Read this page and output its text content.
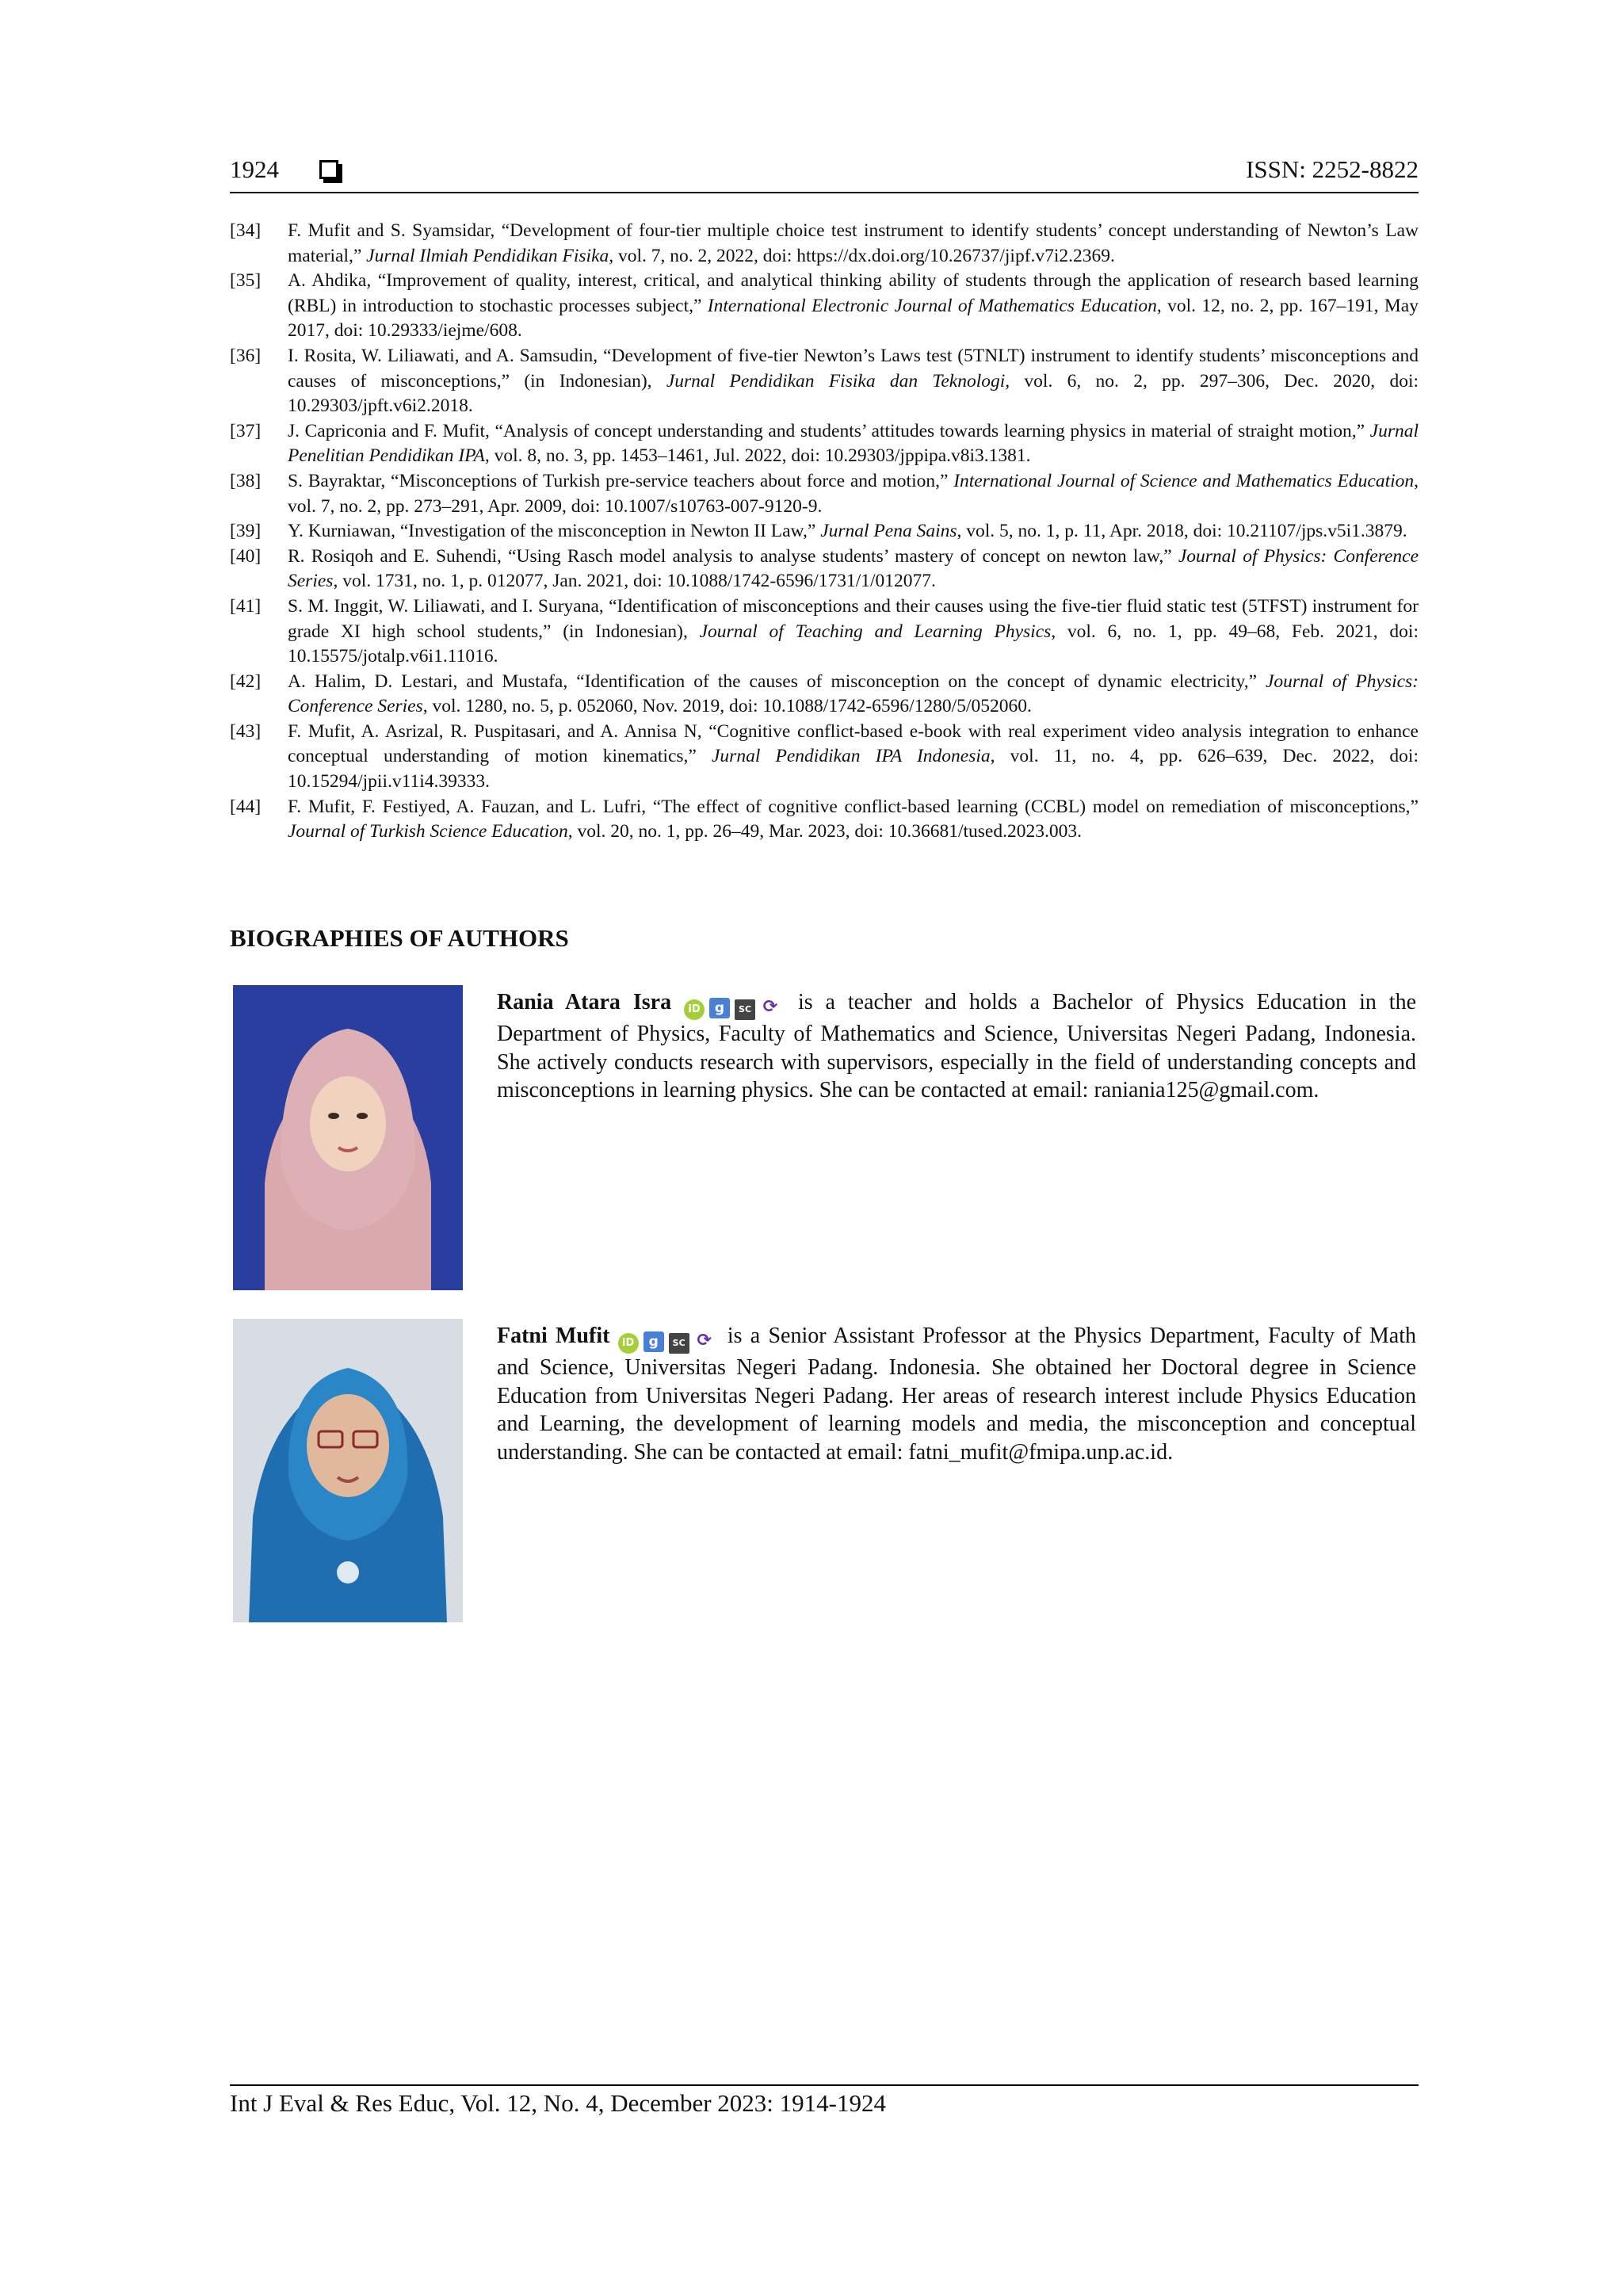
1924	ISSN: 2252-8822
[34]	F. Mufit and S. Syamsidar, “Development of four-tier multiple choice test instrument to identify students’ concept understanding of Newton’s Law material,” Jurnal Ilmiah Pendidikan Fisika, vol. 7, no. 2, 2022, doi: https://dx.doi.org/10.26737/jipf.v7i2.2369.
[35]	A. Ahdika, “Improvement of quality, interest, critical, and analytical thinking ability of students through the application of research based learning (RBL) in introduction to stochastic processes subject,” International Electronic Journal of Mathematics Education, vol. 12, no. 2, pp. 167–191, May 2017, doi: 10.29333/iejme/608.
[36]	I. Rosita, W. Liliawati, and A. Samsudin, “Development of five-tier Newton’s Laws test (5TNLT) instrument to identify students’ misconceptions and causes of misconceptions,” (in Indonesian), Jurnal Pendidikan Fisika dan Teknologi, vol. 6, no. 2, pp. 297–306, Dec. 2020, doi: 10.29303/jpft.v6i2.2018.
[37]	J. Capriconia and F. Mufit, “Analysis of concept understanding and students’ attitudes towards learning physics in material of straight motion,” Jurnal Penelitian Pendidikan IPA, vol. 8, no. 3, pp. 1453–1461, Jul. 2022, doi: 10.29303/jppipa.v8i3.1381.
[38]	S. Bayraktar, “Misconceptions of Turkish pre-service teachers about force and motion,” International Journal of Science and Mathematics Education, vol. 7, no. 2, pp. 273–291, Apr. 2009, doi: 10.1007/s10763-007-9120-9.
[39]	Y. Kurniawan, “Investigation of the misconception in Newton II Law,” Jurnal Pena Sains, vol. 5, no. 1, p. 11, Apr. 2018, doi: 10.21107/jps.v5i1.3879.
[40]	R. Rosiqoh and E. Suhendi, “Using Rasch model analysis to analyse students’ mastery of concept on newton law,” Journal of Physics: Conference Series, vol. 1731, no. 1, p. 012077, Jan. 2021, doi: 10.1088/1742-6596/1731/1/012077.
[41]	S. M. Inggit, W. Liliawati, and I. Suryana, “Identification of misconceptions and their causes using the five-tier fluid static test (5TFST) instrument for grade XI high school students,” (in Indonesian), Journal of Teaching and Learning Physics, vol. 6, no. 1, pp. 49–68, Feb. 2021, doi: 10.15575/jotalp.v6i1.11016.
[42]	A. Halim, D. Lestari, and Mustafa, “Identification of the causes of misconception on the concept of dynamic electricity,” Journal of Physics: Conference Series, vol. 1280, no. 5, p. 052060, Nov. 2019, doi: 10.1088/1742-6596/1280/5/052060.
[43]	F. Mufit, A. Asrizal, R. Puspitasari, and A. Annisa N, “Cognitive conflict-based e-book with real experiment video analysis integration to enhance conceptual understanding of motion kinematics,” Jurnal Pendidikan IPA Indonesia, vol. 11, no. 4, pp. 626–639, Dec. 2022, doi: 10.15294/jpii.v11i4.39333.
[44]	F. Mufit, F. Festiyed, A. Fauzan, and L. Lufri, “The effect of cognitive conflict-based learning (CCBL) model on remediation of misconceptions,” Journal of Turkish Science Education, vol. 20, no. 1, pp. 26–49, Mar. 2023, doi: 10.36681/tused.2023.003.
BIOGRAPHIES OF AUTHORS
Rania Atara Isra iD g SC ⟳ is a teacher and holds a Bachelor of Physics Education in the Department of Physics, Faculty of Mathematics and Science, Universitas Negeri Padang, Indonesia. She actively conducts research with supervisors, especially in the field of understanding concepts and misconceptions in learning physics. She can be contacted at email: raniania125@gmail.com.
Fatni Mufit iD g SC ⟳ is a Senior Assistant Professor at the Physics Department, Faculty of Math and Science, Universitas Negeri Padang. Indonesia. She obtained her Doctoral degree in Science Education from Universitas Negeri Padang. Her areas of research interest include Physics Education and Learning, the development of learning models and media, the misconception and conceptual understanding. She can be contacted at email: fatni_mufit@fmipa.unp.ac.id.
Int J Eval & Res Educ, Vol. 12, No. 4, December 2023: 1914-1924
